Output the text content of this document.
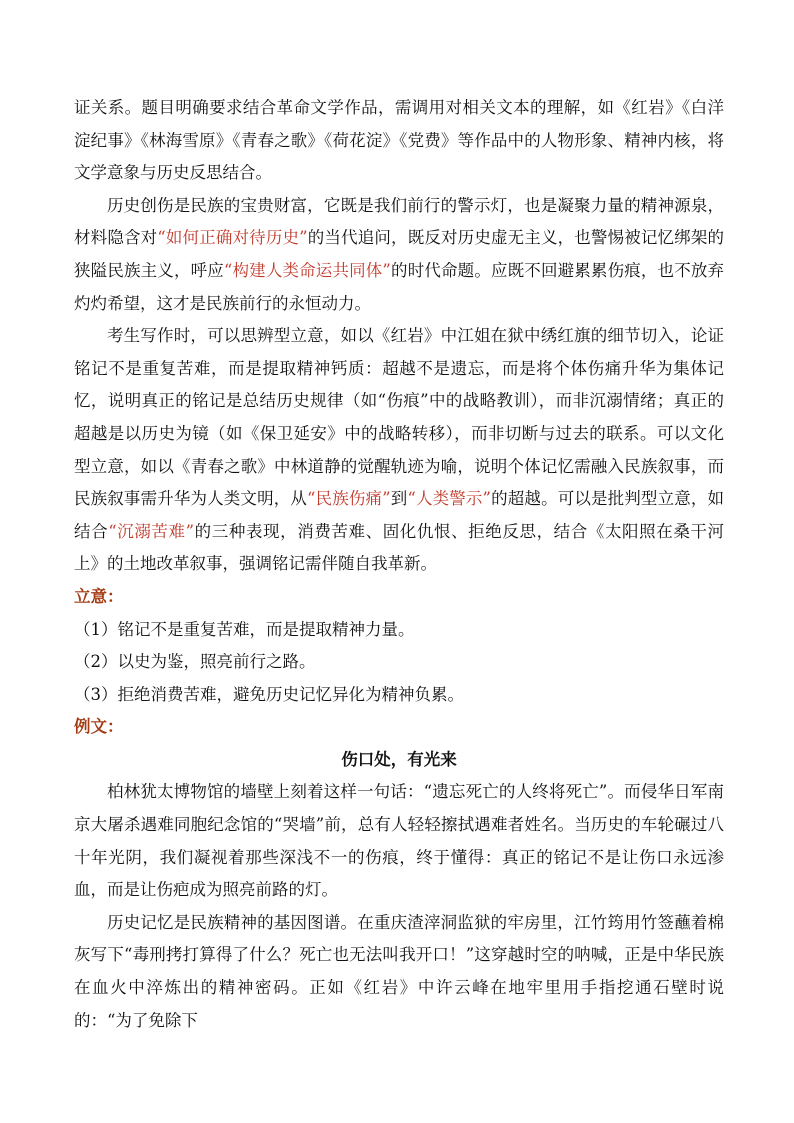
证关系。题目明确要求结合革命文学作品，需调用对相关文本的理解，如《红岩》《白洋淀纪事》《林海雪原》《青春之歌》《荷花淀》《党费》等作品中的人物形象、精神内核，将文学意象与历史反思结合。

历史创伤是民族的宝贵财富，它既是我们前行的警示灯，也是凝聚力量的精神源泉，材料隐含对“如何正确对待历史”的当代追问，既反对历史虚无主义，也警惕被记忆绑架的狭隘民族主义，呼应“构建人类命运共同体”的时代命题。应既不回避累累伤痕，也不放弃灼灼希望，这才是民族前行的永恒动力。

考生写作时，可以思辨型立意，如以《红岩》中江姐在狱中绣红旗的细节切入，论证铭记不是重复苦难，而是提取精神钙质：超越不是遗忘，而是将个体伤痛升华为集体记忆，说明真正的铭记是总结历史规律（如“伤痕”中的战略教训），而非沉溺情绪；真正的超越是以历史为镜（如《保卫延安》中的战略转移），而非切断与过去的联系。可以文化型立意，如以《青春之歌》中林道静的觉醒轨迹为喻，说明个体记忆需融入民族叙事，而民族叙事需升华为人类文明，从“民族伤痛”到“人类警示”的超越。可以是批判型立意，如结合“沉溺苦难”的三种表现，消费苦难、固化仇恨、拒绝反思，结合《太阳照在桑干河上》的土地改革叙事，强调铭记需伴随自我革新。

立意：

（1）铭记不是重复苦难，而是提取精神力量。

（2）以史为鉴，照亮前行之路。

（3）拒绝消费苦难，避免历史记忆异化为精神负累。

例文：

伤口处，有光来

柏林犹太博物馆的墙壁上刻着这样一句话：“遗忘死亡的人终将死亡”。而侵华日军南京大屠杀遇难同胞纪念馆的“哭墙”前，总有人轻轻擦拭遇难者姓名。当历史的车轮碾过八十年光阴，我们凝视着那些深浅不一的伤痕，终于懂得：真正的铭记不是让伤口永远渗血，而是让伤疤成为照亮前路的灯。

历史记忆是民族精神的基因图谱。在重庆渣滓洞监狱的牢房里，江竹筠用竹签蘸着棉灰写下“毒刑拷打算得了什么？死亡也无法叫我开口！”这穿越时空的呐喊，正是中华民族在血火中淬炼出的精神密码。正如《红岩》中许云峰在地牢里用手指挖通石壁时说的：“为了免除下
